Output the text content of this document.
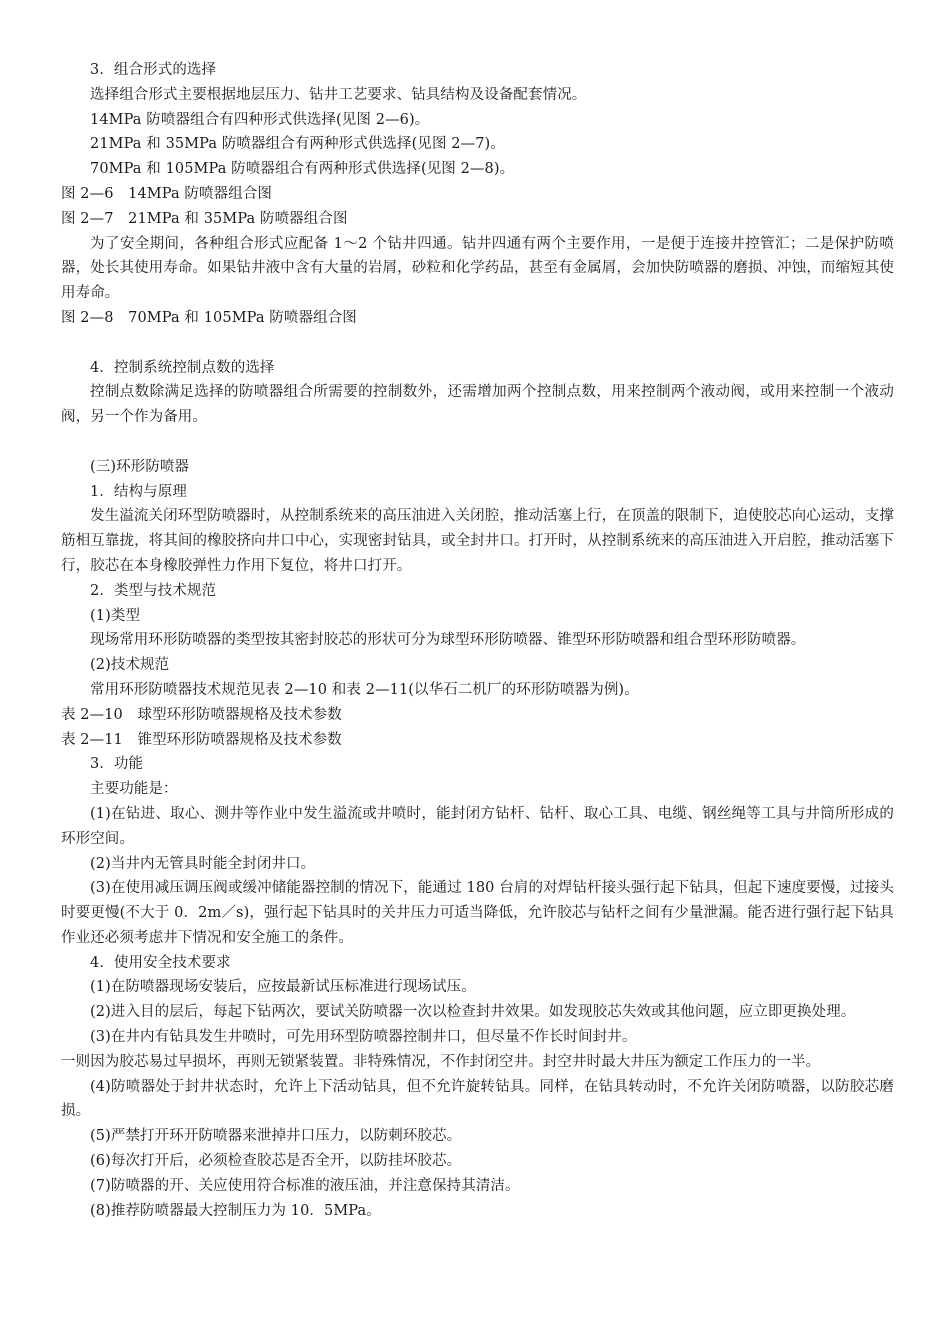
3．组合形式的选择

选择组合形式主要根据地层压力、钻井工艺要求、钻具结构及设备配套情况。

14MPa 防喷器组合有四种形式供选择(见图 2—6)。

21MPa 和 35MPa 防喷器组合有两种形式供选择(见图 2—7)。

70MPa 和 105MPa 防喷器组合有两种形式供选择(见图 2—8)。

图 2—6　14MPa 防喷器组合图

图 2—7　21MPa 和 35MPa 防喷器组合图

为了安全期间，各种组合形式应配备 1～2 个钻井四通。钻井四通有两个主要作用，一是便于连接井控管汇；二是保护防喷器，处长其使用寿命。如果钻井液中含有大量的岩屑，砂粒和化学药品，甚至有金属屑，会加快防喷器的磨损、冲蚀，而缩短其使用寿命。

图 2—8　70MPa 和 105MPa 防喷器组合图

4．控制系统控制点数的选择

控制点数除满足选择的防喷器组合所需要的控制数外，还需增加两个控制点数，用来控制两个液动阀，或用来控制一个液动阀，另一个作为备用。

(三)环形防喷器

1．结构与原理

发生溢流关闭环型防喷器时，从控制系统来的高压油进入关闭腔，推动活塞上行，在顶盖的限制下，迫使胶芯向心运动，支撑筋相互靠拢，将其间的橡胶挤向井口中心，实现密封钻具，或全封井口。打开时，从控制系统来的高压油进入开启腔，推动活塞下行，胶芯在本身橡胶弹性力作用下复位，将井口打开。

2．类型与技术规范

(1)类型

现场常用环形防喷器的类型按其密封胶芯的形状可分为球型环形防喷器、锥型环形防喷器和组合型环形防喷器。

(2)技术规范

常用环形防喷器技术规范见表 2—10 和表 2—11(以华石二机厂的环形防喷器为例)。

表 2—10　球型环形防喷器规格及技术参数

表 2—11　锥型环形防喷器规格及技术参数

3．功能

主要功能是：

(1)在钻进、取心、测井等作业中发生溢流或井喷时，能封闭方钻杆、钻杆、取心工具、电缆、钢丝绳等工具与井筒所形成的环形空间。

(2)当井内无管具时能全封闭井口。

(3)在使用减压调压阀或缓冲储能器控制的情况下，能通过 180 台肩的对焊钻杆接头强行起下钻具，但起下速度要慢，过接头时要更慢(不大于 0．2m／s)，强行起下钻具时的关井压力可适当降低，允许胶芯与钻杆之间有少量泄漏。能否进行强行起下钻具作业还必须考虑井下情况和安全施工的条件。

4．使用安全技术要求

(1)在防喷器现场安装后，应按最新试压标准进行现场试压。

(2)进入目的层后，每起下钻两次，要试关防喷器一次以检查封井效果。如发现胶芯失效或其他问题，应立即更换处理。

(3)在井内有钻具发生井喷时，可先用环型防喷器控制井口，但尽量不作长时间封井。

一则因为胶芯易过早损坏，再则无锁紧装置。非特殊情况，不作封闭空井。封空井时最大井压为额定工作压力的一半。

(4)防喷器处于封井状态时，允许上下活动钻具，但不允许旋转钻具。同样，在钻具转动时，不允许关闭防喷器，以防胶芯磨损。

(5)严禁打开环开防喷器来泄掉井口压力，以防刺环胶芯。

(6)每次打开后，必须检查胶芯是否全开，以防挂坏胶芯。

(7)防喷器的开、关应使用符合标准的液压油，并注意保持其清洁。

(8)推荐防喷器最大控制压力为 10．5MPa。
